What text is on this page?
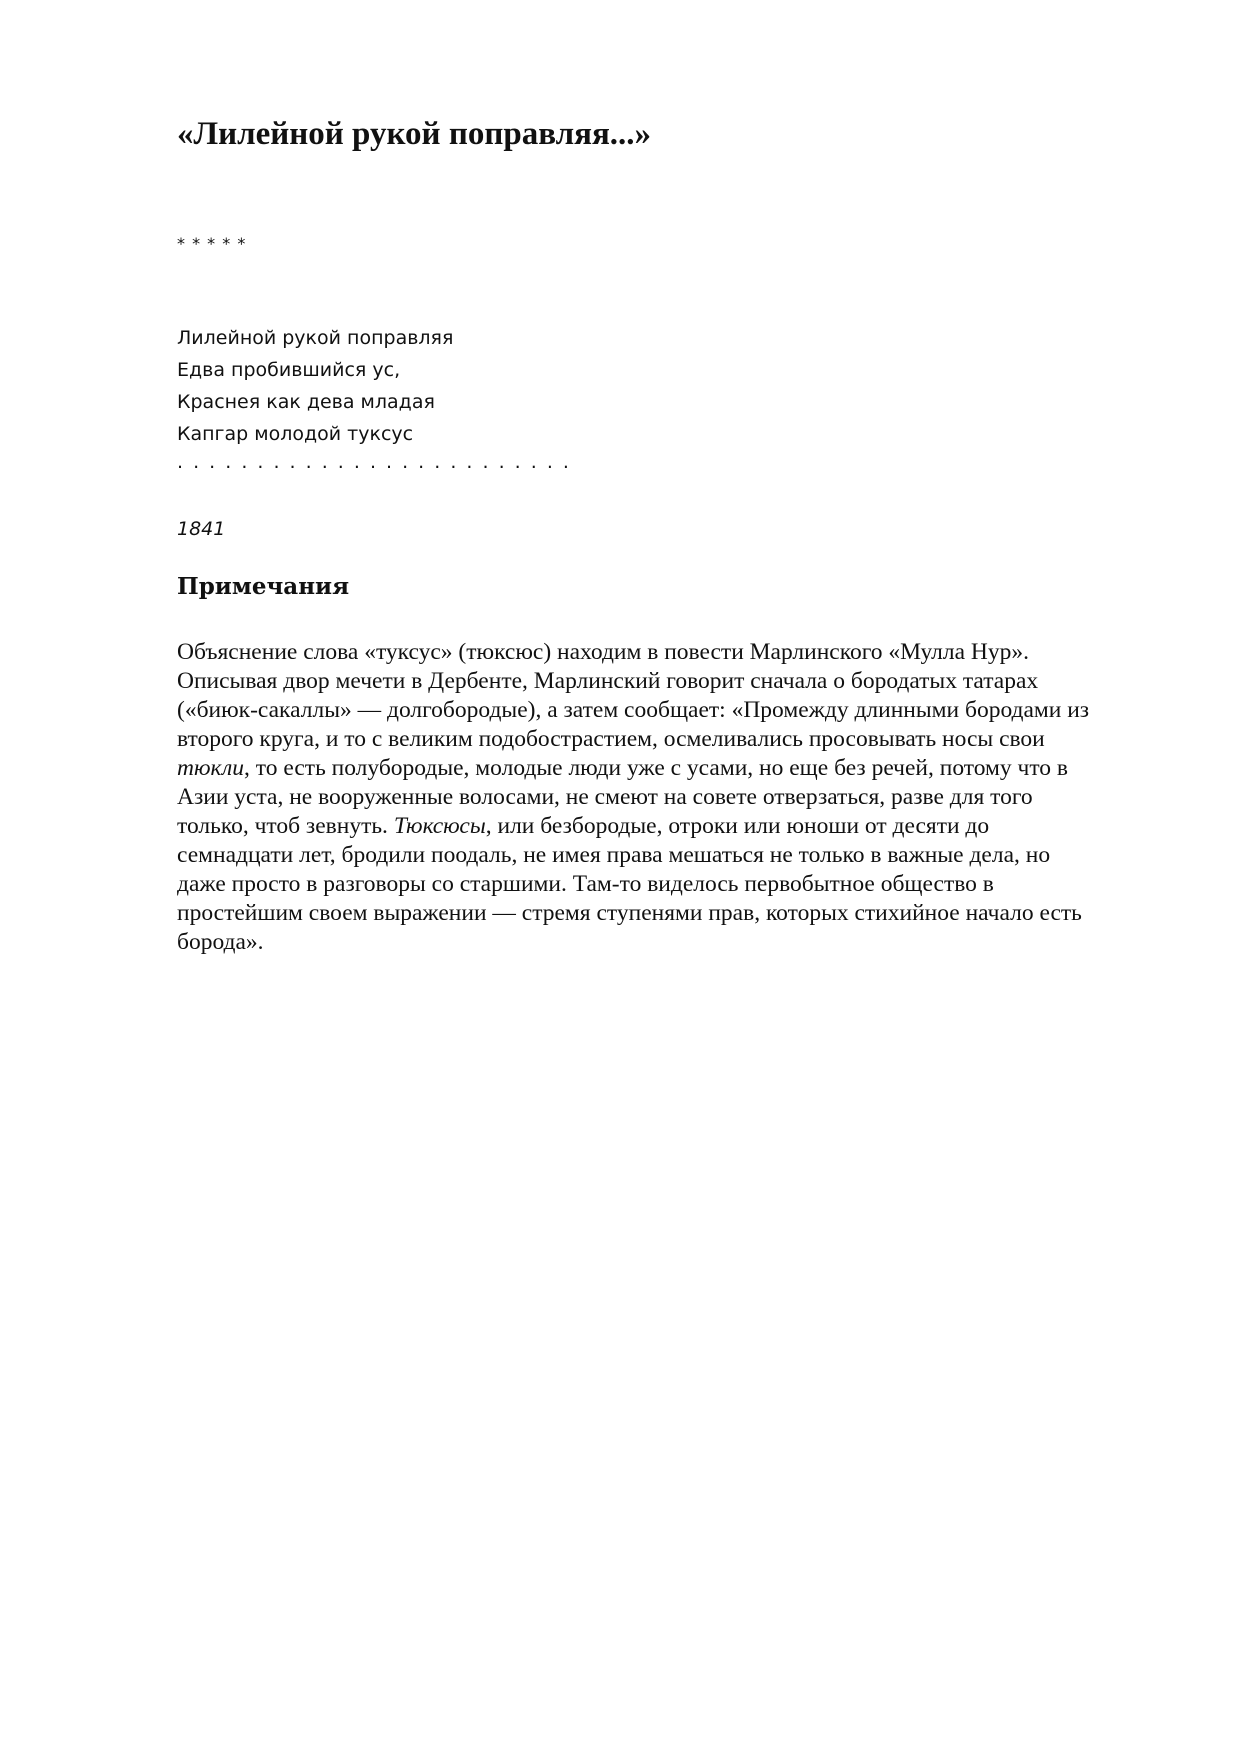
«Лилейной рукой поправляя...»
* * * * *
Лилейной рукой поправляя
Едва пробившийся ус,
Краснея как дева младая
Капгар молодой туксус
. . . . . . . . . . . . . . . . . . . . . . . . .
1841
Примечания
Объяснение слова «туксус» (тюксюс) находим в повести Марлинского «Мулла Нур».
Описывая двор мечети в Дербенте, Марлинский говорит сначала о бородатых татарах
(«биюк-сакаллы» — долгобородые), а затем сообщает: «Промежду длинными бородами из
второго круга, и то с великим подобострастием, осмеливались просовывать носы свои
тюкли, то есть полубородые, молодые люди уже с усами, но еще без речей, потому что в
Азии уста, не вооруженные волосами, не смеют на совете отверзаться, разве для того
только, чтоб зевнуть. Тюксюсы, или безбородые, отроки или юноши от десяти до
семнадцати лет, бродили поодаль, не имея права мешаться не только в важные дела, но
даже просто в разговоры со старшими. Там-то виделось первобытное общество в
простейшим своем выражении — стремя ступенями прав, которых стихийное начало есть
борода».
